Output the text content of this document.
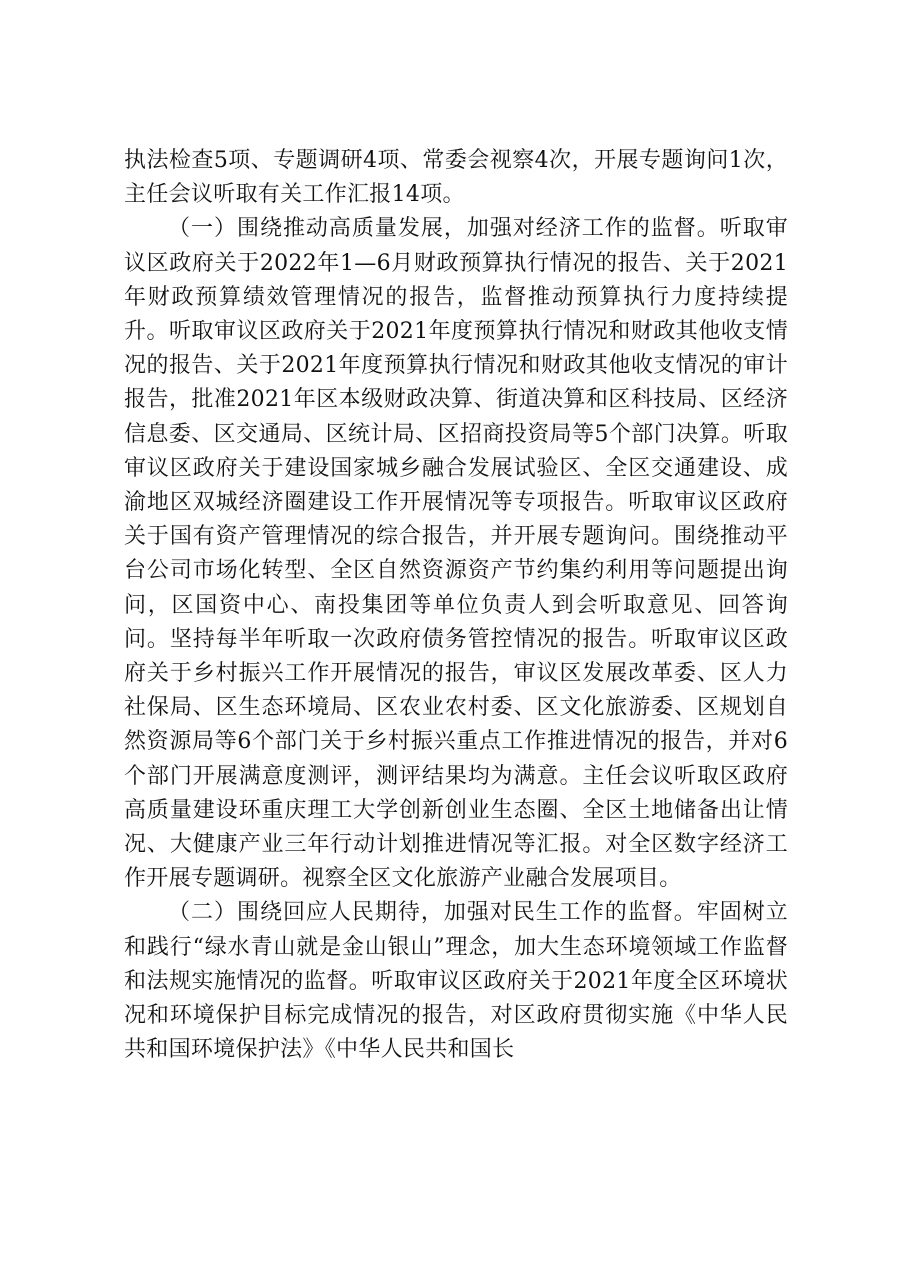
执法检查5项、专题调研4项、常委会视察4次，开展专题询问1次，主任会议听取有关工作汇报14项。

（一）围绕推动高质量发展，加强对经济工作的监督。听取审议区政府关于2022年1—6月财政预算执行情况的报告、关于2021年财政预算绩效管理情况的报告，监督推动预算执行力度持续提升。听取审议区政府关于2021年度预算执行情况和财政其他收支情况的报告、关于2021年度预算执行情况和财政其他收支情况的审计报告，批准2021年区本级财政决算、街道决算和区科技局、区经济信息委、区交通局、区统计局、区招商投资局等5个部门决算。听取审议区政府关于建设国家城乡融合发展试验区、全区交通建设、成渝地区双城经济圈建设工作开展情况等专项报告。听取审议区政府关于国有资产管理情况的综合报告，并开展专题询问。围绕推动平台公司市场化转型、全区自然资源资产节约集约利用等问题提出询问，区国资中心、南投集团等单位负责人到会听取意见、回答询问。坚持每半年听取一次政府债务管控情况的报告。听取审议区政府关于乡村振兴工作开展情况的报告，审议区发展改革委、区人力社保局、区生态环境局、区农业农村委、区文化旅游委、区规划自然资源局等6个部门关于乡村振兴重点工作推进情况的报告，并对6个部门开展满意度测评，测评结果均为满意。主任会议听取区政府高质量建设环重庆理工大学创新创业生态圈、全区土地储备出让情况、大健康产业三年行动计划推进情况等汇报。对全区数字经济工作开展专题调研。视察全区文化旅游产业融合发展项目。

（二）围绕回应人民期待，加强对民生工作的监督。牢固树立和践行“绿水青山就是金山银山”理念，加大生态环境领域工作监督和法规实施情况的监督。听取审议区政府关于2021年度全区环境状况和环境保护目标完成情况的报告，对区政府贯彻实施《中华人民共和国环境保护法》《中华人民共和国长
